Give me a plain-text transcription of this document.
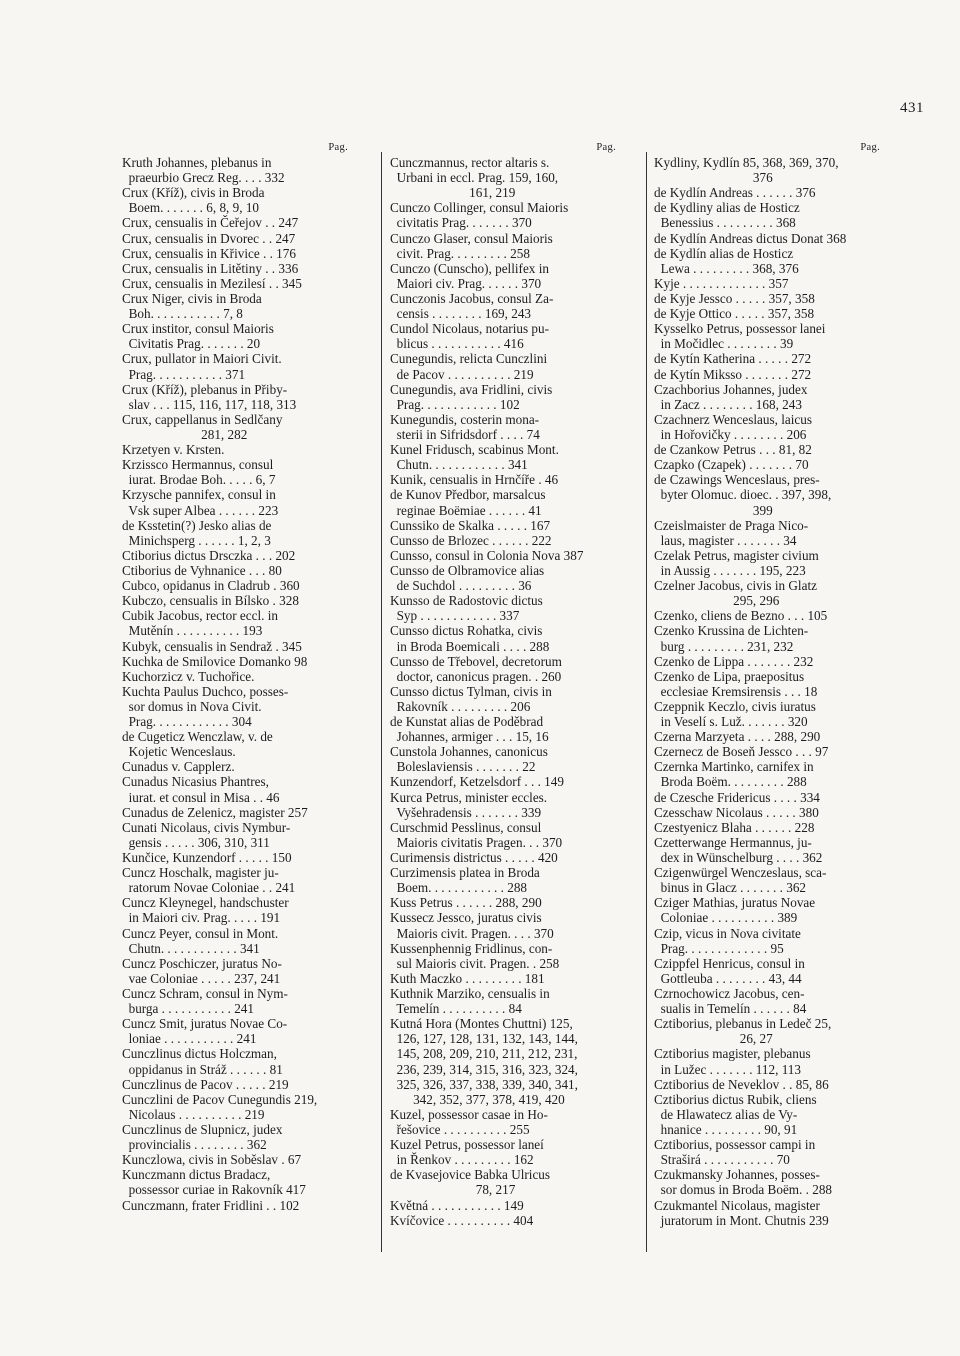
431
Pag.
Kruth Johannes, plebanus in
praeurbio Grecz Reg. . . . 332
Crux (Kříž), civis in Broda
Boem. . . . . . . 6, 8, 9, 10
Crux, censualis in Čeřejov . . 247
Crux, censualis in Dvorec . . 247
Crux, censualis in Křivice . . 176
Crux, censualis in Litětiny . . 336
Crux, censualis in Mezilesí . . 345
Crux Niger, civis in Broda
Boh. . . . . . . . . . . 7, 8
Crux institor, consul Maioris
Civitatis Prag. . . . . . . 20
Crux, pullator in Maiori Civit.
Prag. . . . . . . . . . . 371
Crux (Kříž), plebanus in Přiby-
slav . . . 115, 116, 117, 118, 313
Crux, cappellanus in Sedlčany
281, 282
Krzetyen v. Krsten.
Krzissco Hermannus, consul
iurat. Brodae Boh. . . . . 6, 7
Krzysche pannifex, consul in
Vsk super Albea . . . . . . 223
de Ksstetin(?) Jesko alias de
Minichsperg . . . . . . 1, 2, 3
Ctiborius dictus Drsczka . . . 202
Ctiborius de Vyhnanice . . . 80
Cubco, opidanus in Cladrub . 360
Kubczo, censualis in Bílsko . 328
Cubik Jacobus, rector eccl. in
Mutěnín . . . . . . . . . . 193
Kubyk, censualis in Sendraž . 345
Kuchka de Smilovice Domanko 98
Kuchorzicz v. Tuchořice.
Kuchta Paulus Duchco, posses-
sor domus in Nova Civit.
Prag. . . . . . . . . . . . 304
de Cugeticz Wenczlaw, v. de
Kojetic Wenceslaus.
Cunadus v. Capplerz.
Cunadus Nicasius Phantres,
iurat. et consul in Misa . . 46
Cunadus de Zelenicz, magister 257
Cunati Nicolaus, civis Nymbur-
gensis . . . . . 306, 310, 311
Kunčice, Kunzendorf . . . . . 150
Cuncz Hoschalk, magister ju-
ratorum Novae Coloniae . . 241
Cuncz Kleynegel, handschuster
in Maiori civ. Prag. . . . . 191
Cuncz Peyer, consul in Mont.
Chutn. . . . . . . . . . . . 341
Cuncz Poschiczer, juratus No-
vae Coloniae . . . . . 237, 241
Cuncz Schram, consul in Nym-
burga . . . . . . . . . . . 241
Cuncz Smit, juratus Novae Co-
loniae . . . . . . . . . . . 241
Cunczlinus dictus Holczman,
oppidanus in Stráž . . . . . . 81
Cunczlinus de Pacov . . . . . 219
Cunczlini de Pacov Cunegundis 219,
Nicolaus . . . . . . . . . . 219
Cunczlinus de Slupnicz, judex
provincialis . . . . . . . . 362
Kunczlowa, civis in Soběslav . 67
Kunczmann dictus Bradacz,
possessor curiae in Rakovník 417
Cunczmann, frater Fridlini . . 102
Pag.
Cunczmannus, rector altaris s.
Urbani in eccl. Prag. 159, 160,
161, 219
Cunczo Collinger, consul Maioris
civitatis Prag. . . . . . . 370
Cunczo Glaser, consul Maioris
civit. Prag. . . . . . . . . 258
Cunczo (Cunscho), pellifex in
Maiori civ. Prag. . . . . . 370
Cunczonis Jacobus, consul Za-
censis . . . . . . . . 169, 243
Cundol Nicolaus, notarius pu-
blicus . . . . . . . . . . . 416
Cunegundis, relicta Cunczlini
de Pacov . . . . . . . . . . 219
Cunegundis, ava Fridlini, civis
Prag. . . . . . . . . . . . 102
Kunegundis, costerin mona-
sterii in Sifridsdorf . . . . 74
Kunel Fridusch, scabinus Mont.
Chutn. . . . . . . . . . . . 341
Kunik, censualis in Hrnčíře . 46
de Kunov Předbor, marsalcus
reginae Boëmiae . . . . . . 41
Cunssiko de Skalka . . . . . 167
Cunsso de Brlozec . . . . . . 222
Cunsso, consul in Colonia Nova 387
Cunsso de Olbramovice alias
de Suchdol . . . . . . . . . 36
Kunsso de Radostovic dictus
Syp . . . . . . . . . . . . 337
Cunsso dictus Rohatka, civis
in Broda Boemicali . . . . 288
Cunsso de Třebovel, decretorum
doctor, canonicus pragen. . 260
Cunsso dictus Tylman, civis in
Rakovník . . . . . . . . . 206
de Kunstat alias de Poděbrad
Johannes, armiger . . . 15, 16
Cunstola Johannes, canonicus
Boleslaviensis . . . . . . . 22
Kunzendorf, Ketzelsdorf . . . 149
Kurca Petrus, minister eccles.
Vyšehradensis . . . . . . . 339
Curschmid Pesslinus, consul
Maioris civitatis Pragen. . . 370
Curimensis districtus . . . . . 420
Curzimensis platea in Broda
Boem. . . . . . . . . . . . 288
Kuss Petrus . . . . . . 288, 290
Kussecz Jessco, juratus civis
Maioris civit. Pragen. . . . 370
Kussenphennig Fridlinus, con-
sul Maioris civit. Pragen. . 258
Kuth Maczko . . . . . . . . . 181
Kuthnik Marziko, censualis in
Temelín . . . . . . . . . . 84
Kutná Hora (Montes Chuttni) 125,
126, 127, 128, 131, 132, 143, 144,
145, 208, 209, 210, 211, 212, 231,
236, 239, 314, 315, 316, 323, 324,
325, 326, 337, 338, 339, 340, 341,
342, 352, 377, 378, 419, 420
Kuzel, possessor casae in Ho-
řešovice . . . . . . . . . . 255
Kuzel Petrus, possessor laneí
in Řenkov . . . . . . . . . 162
de Kvasejovice Babka Ulricus
78, 217
Květná . . . . . . . . . . . 149
Kvíčovice . . . . . . . . . . 404
Pag.
Kydliny, Kydlín 85, 368, 369, 370,
376
de Kydlín Andreas . . . . . . 376
de Kydliny alias de Hosticz
Benessius . . . . . . . . . 368
de Kydlín Andreas dictus Donat 368
de Kydlín alias de Hosticz
Lewa . . . . . . . . . 368, 376
Kyje . . . . . . . . . . . . . 357
de Kyje Jessco . . . . . 357, 358
de Kyje Ottico . . . . . 357, 358
Kysselko Petrus, possessor lanei
in Močidlec . . . . . . . . 39
de Kytín Katherina . . . . . 272
de Kytín Miksso . . . . . . . 272
Czachborius Johannes, judex
in Zacz . . . . . . . . 168, 243
Czachnerz Wenceslaus, laicus
in Hořovičky . . . . . . . . 206
de Czankow Petrus . . . 81, 82
Czapko (Czapek) . . . . . . . 70
de Czawings Wenceslaus, pres-
byter Olomuc. dioec. . 397, 398,
399
Czeislmaister de Praga Nico-
laus, magister . . . . . . . 34
Czelak Petrus, magister civium
in Aussig . . . . . . . 195, 223
Czelner Jacobus, civis in Glatz
295, 296
Czenko, cliens de Bezno . . . 105
Czenko Krussina de Lichten-
burg . . . . . . . . . 231, 232
Czenko de Lippa . . . . . . . 232
Czenko de Lipa, praepositus
ecclesiae Kremsirensis . . . 18
Czeppnik Keczlo, civis iuratus
in Veselí s. Luž. . . . . . . 320
Czerna Marzyeta . . . . 288, 290
Czernecz de Boseň Jessco . . . 97
Czernka Martinko, carnifex in
Broda Boëm. . . . . . . . . 288
de Czesche Fridericus . . . . 334
Czesschaw Nicolaus . . . . . 380
Czestyenicz Blaha . . . . . . 228
Czetterwange Hermannus, ju-
dex in Wünschelburg . . . . 362
Czigenwürgel Wenczeslaus, sca-
binus in Glacz . . . . . . . 362
Cziger Mathias, juratus Novae
Coloniae . . . . . . . . . . 389
Czip, vicus in Nova civitate
Prag. . . . . . . . . . . . . 95
Czippfel Henricus, consul in
Gottleuba . . . . . . . . 43, 44
Czrnochowicz Jacobus, cen-
sualis in Temelín . . . . . . 84
Cztiborius, plebanus in Ledeč 25,
26, 27
Cztiborius magister, plebanus
in Lužec . . . . . . . 112, 113
Cztiborius de Neveklov . . 85, 86
Cztiborius dictus Rubik, cliens
de Hlawatecz alias de Vy-
hnanice . . . . . . . . . 90, 91
Cztiborius, possessor campi in
Straširá . . . . . . . . . . . 70
Czukmansky Johannes, posses-
sor domus in Broda Boëm. . 288
Czukmantel Nicolaus, magister
juratorum in Mont. Chutnis 239
